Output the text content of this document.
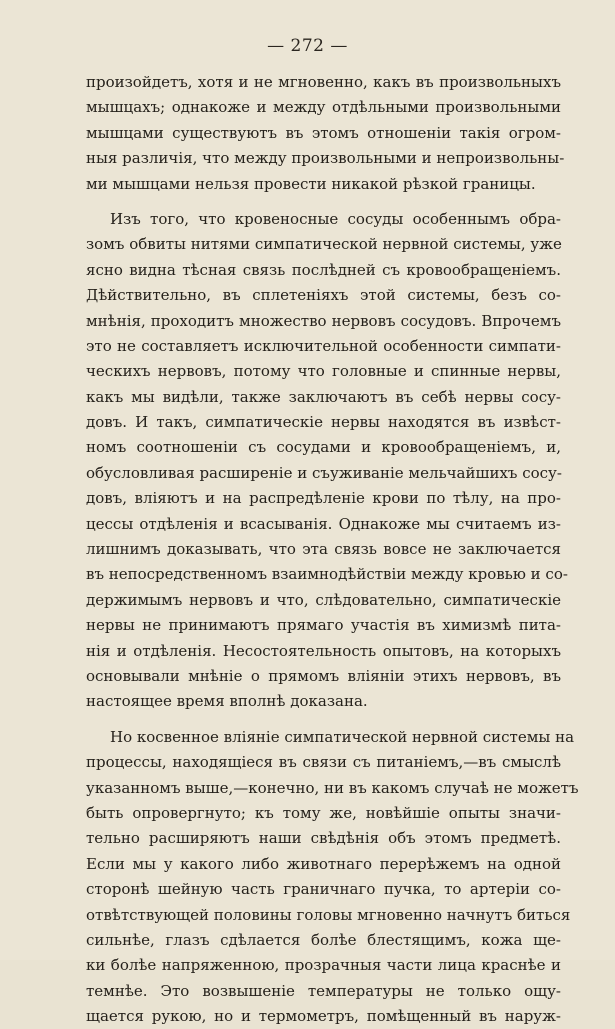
— 272 —
произойдетъ, хотя и не мгновенно, какъ въ произвольныхъ
мышцахъ; однакоже и между отдѣльными произвольными
мышцами существуютъ въ этомъ отношеніи такія огром-
ныя различія, что между произвольными и непроизвольны-
ми мышцами нельзя провести никакой рѣзкой границы.
Изъ того, что кровеносные сосуды особеннымъ обра-
зомъ обвиты нитями симпатической нервной системы, уже
ясно видна тѣсная связь послѣдней съ кровообращеніемъ.
Дѣйствительно, въ сплетеніяхъ этой системы, безъ со-
мнѣнія, проходитъ множество нервовъ сосудовъ. Впрочемъ
это не составляетъ исключительной особенности симпати-
ческихъ нервовъ, потому что головные и спинные нервы,
какъ мы видѣли, также заключаютъ въ себѣ нервы сосу-
довъ. И такъ, симпатическіе нервы находятся въ извѣст-
номъ соотношеніи съ сосудами и кровообращеніемъ, и,
обусловливая расширеніе и съуживаніе мельчайшихъ сосу-
довъ, вліяютъ и на распредѣленіе крови по тѣлу, на про-
цессы отдѣленія и всасыванія. Однакоже мы считаемъ из-
лишнимъ доказывать, что эта связь вовсе не заключается
въ непосредственномъ взаимнодѣйствіи между кровью и со-
держимымъ нервовъ и что, слѣдовательно, симпатическіе
нервы не принимаютъ прямаго участія въ химизмѣ пита-
нія и отдѣленія. Несостоятельность опытовъ, на которыхъ
основывали мнѣніе о прямомъ вліяніи этихъ нервовъ, въ
настоящее время вполнѣ доказана.
Но косвенное вліяніе симпатической нервной системы на
процессы, находящіеся въ связи съ питаніемъ,—въ смыслѣ
указанномъ выше,—конечно, ни въ какомъ случаѣ не можетъ
быть опровергнуто; къ тому же, новѣйшіе опыты значи-
тельно расширяютъ наши свѣдѣнія объ этомъ предметѣ.
Если мы у какого либо животнаго перерѣжемъ на одной
сторонѣ шейную часть граничнаго пучка, то артеріи со-
отвѣтствующей половины головы мгновенно начнутъ биться
сильнѣе, глазъ сдѣлается болѣе блестящимъ, кожа ще-
ки болѣе напряженною, прозрачныя части лица краснѣе и
темнѣе. Это возвышеніе температуры не только ощу-
щается рукою, но и термометръ, помѣщенный въ наруж-
